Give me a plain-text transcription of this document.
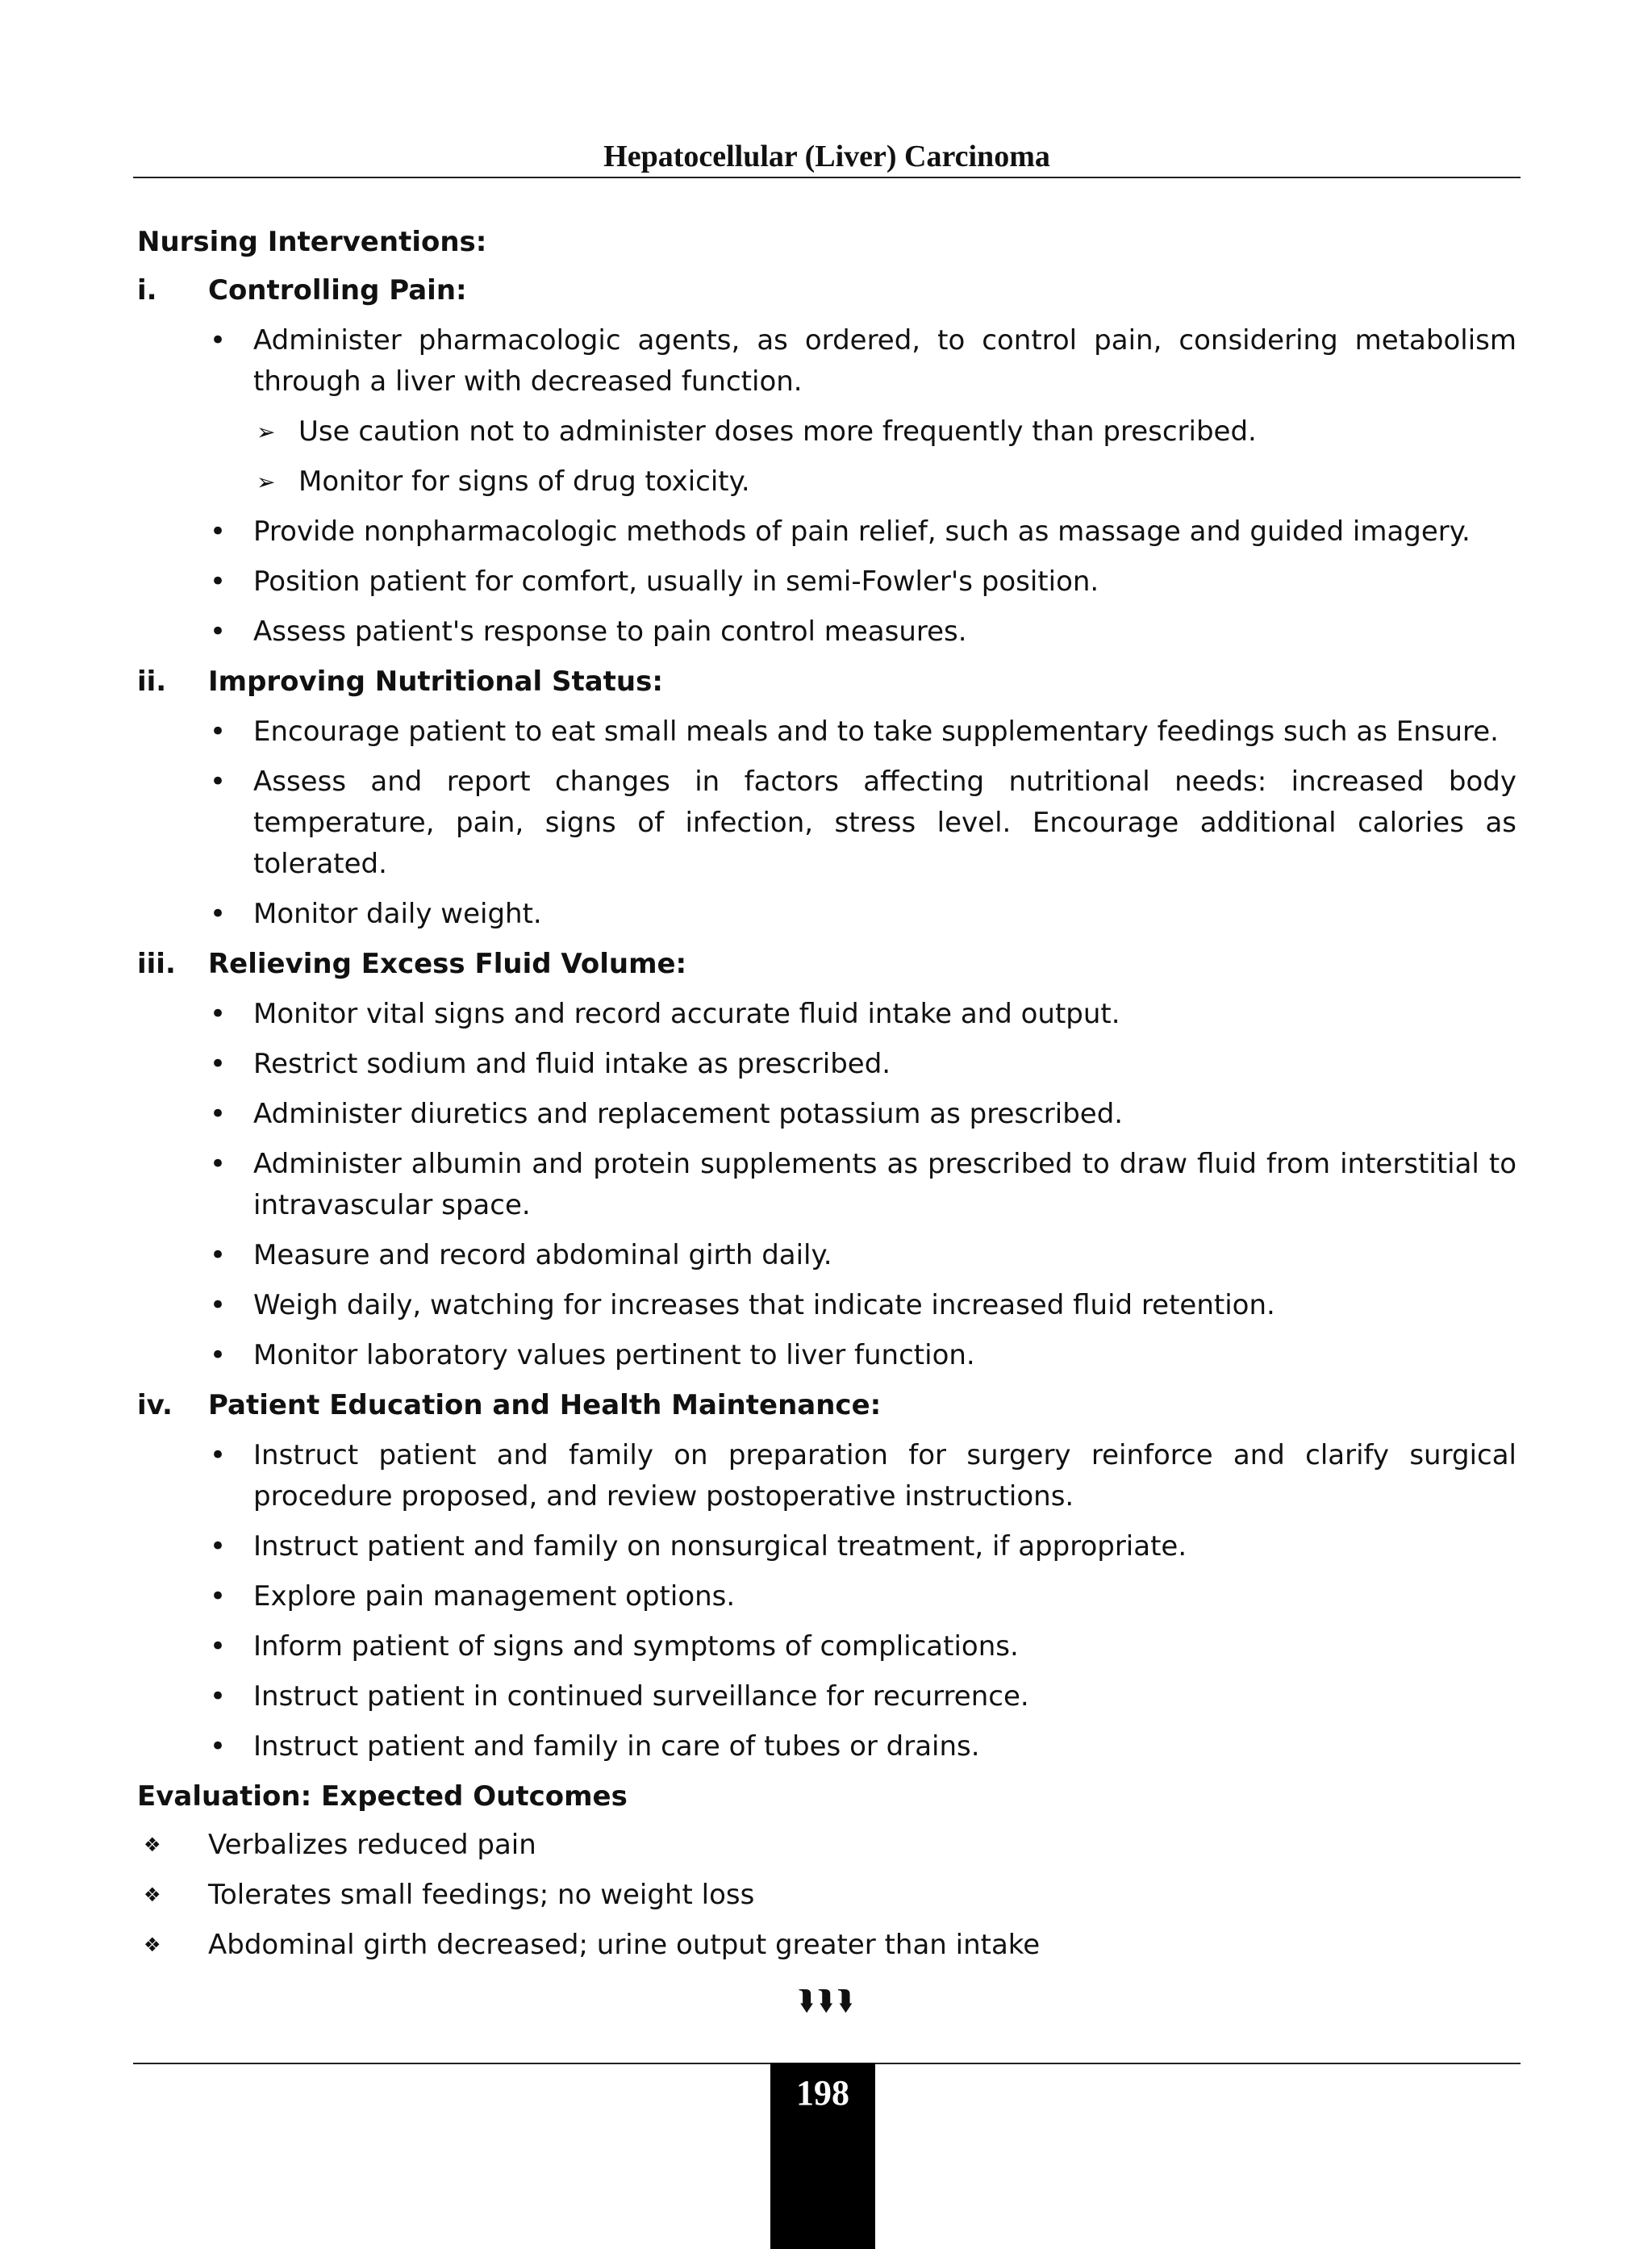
Hepatocellular (Liver) Carcinoma
Nursing Interventions:
i. Controlling Pain:
• Administer pharmacologic agents, as ordered, to control pain, considering metabolism through a liver with decreased function.
➢ Use caution not to administer doses more frequently than prescribed.
➢ Monitor for signs of drug toxicity.
• Provide nonpharmacologic methods of pain relief, such as massage and guided imagery.
• Position patient for comfort, usually in semi-Fowler's position.
• Assess patient's response to pain control measures.
ii. Improving Nutritional Status:
• Encourage patient to eat small meals and to take supplementary feedings such as Ensure.
• Assess and report changes in factors affecting nutritional needs: increased body temperature, pain, signs of infection, stress level. Encourage additional calories as tolerated.
• Monitor daily weight.
iii. Relieving Excess Fluid Volume:
• Monitor vital signs and record accurate fluid intake and output.
• Restrict sodium and fluid intake as prescribed.
• Administer diuretics and replacement potassium as prescribed.
• Administer albumin and protein supplements as prescribed to draw fluid from interstitial to intravascular space.
• Measure and record abdominal girth daily.
• Weigh daily, watching for increases that indicate increased fluid retention.
• Monitor laboratory values pertinent to liver function.
iv. Patient Education and Health Maintenance:
• Instruct patient and family on preparation for surgery reinforce and clarify surgical procedure proposed, and review postoperative instructions.
• Instruct patient and family on nonsurgical treatment, if appropriate.
• Explore pain management options.
• Inform patient of signs and symptoms of complications.
• Instruct patient in continued surveillance for recurrence.
• Instruct patient and family in care of tubes or drains.
Evaluation: Expected Outcomes
❖ Verbalizes reduced pain
❖ Tolerates small feedings; no weight loss
❖ Abdominal girth decreased; urine output greater than intake
⮯⮯⮯
198
